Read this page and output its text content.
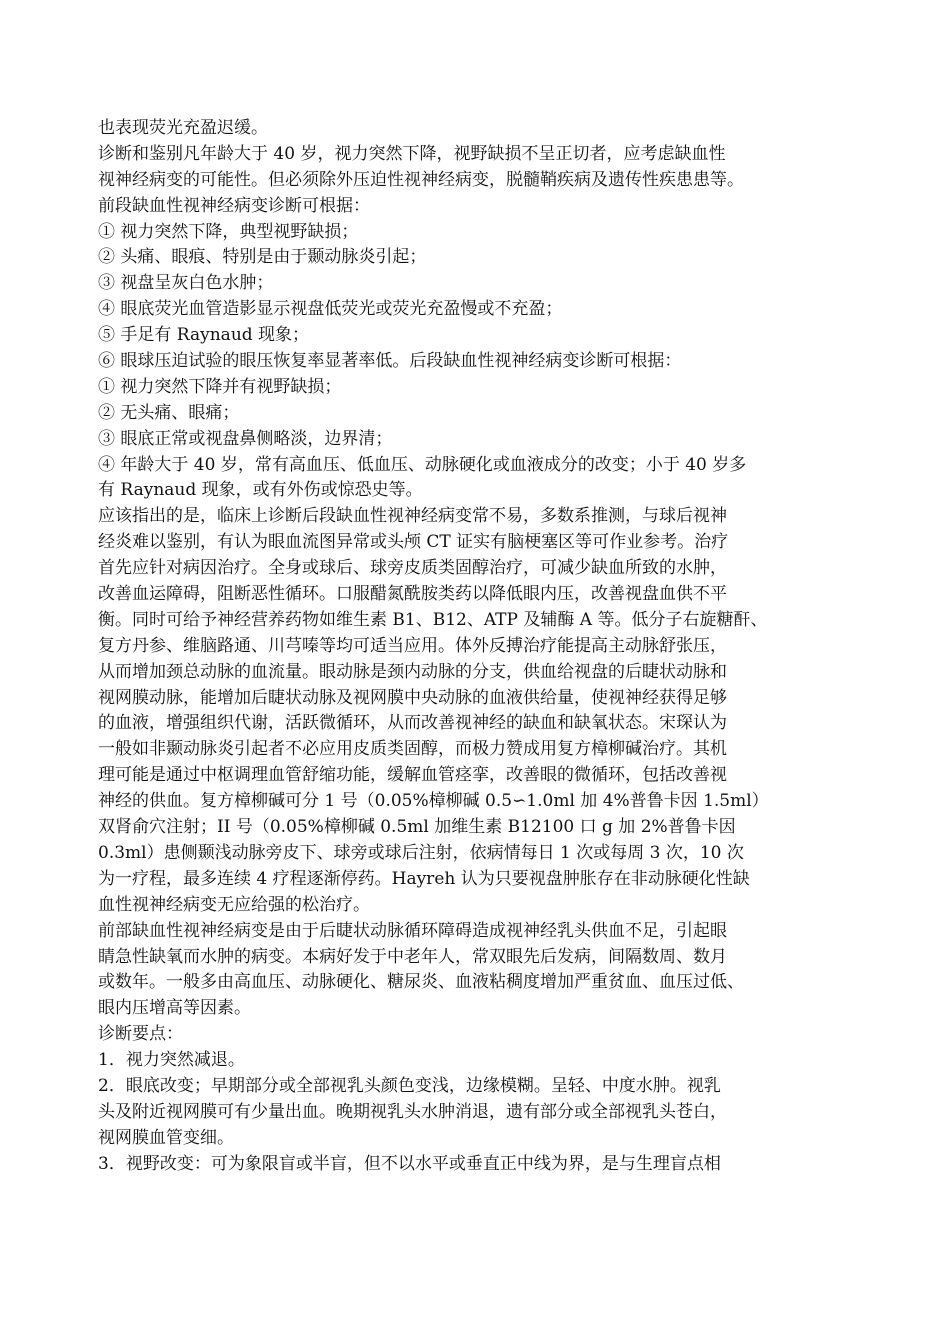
也表现荧光充盈迟缓。
诊断和鉴别凡年龄大于 40 岁，视力突然下降，视野缺损不呈正切者，应考虑缺血性
视神经病变的可能性。但必须除外压迫性视神经病变，脱髓鞘疾病及遗传性疾患患等。
前段缺血性视神经病变诊断可根据：
① 视力突然下降，典型视野缺损；
② 头痛、眼痕、特别是由于颞动脉炎引起；
③ 视盘呈灰白色水肿；
④ 眼底荧光血管造影显示视盘低荧光或荧光充盈慢或不充盈；
⑤ 手足有 Raynaud 现象；
⑥ 眼球压迫试验的眼压恢复率显著率低。后段缺血性视神经病变诊断可根据：
① 视力突然下降并有视野缺损；
② 无头痛、眼痛；
③ 眼底正常或视盘鼻侧略淡，边界清；
④ 年龄大于 40 岁，常有高血压、低血压、动脉硬化或血液成分的改变；小于 40 岁多
有 Raynaud 现象，或有外伤或惊恐史等。
应该指出的是，临床上诊断后段缺血性视神经病变常不易，多数系推测，与球后视神
经炎难以鉴别，有认为眼血流图异常或头颅 CT 证实有脑梗塞区等可作业参考。治疗
首先应针对病因治疗。全身或球后、球旁皮质类固醇治疗，可减少缺血所致的水肿，
改善血运障碍，阻断恶性循环。口服醋氮酰胺类药以降低眼内压，改善视盘血供不平
衡。同时可给予神经营养药物如维生素 B1、B12、ATP 及辅酶 A 等。低分子右旋糖酐、
复方丹参、维脑路通、川芎嗪等均可适当应用。体外反搏治疗能提高主动脉舒张压，
从而增加颈总动脉的血流量。眼动脉是颈内动脉的分支，供血给视盘的后睫状动脉和
视网膜动脉，能增加后睫状动脉及视网膜中央动脉的血液供给量，使视神经获得足够
的血液，增强组织代谢，活跃微循环，从而改善视神经的缺血和缺氧状态。宋琛认为
一般如非颞动脉炎引起者不必应用皮质类固醇，而极力赞成用复方樟柳碱治疗。其机
理可能是通过中枢调理血管舒缩功能，缓解血管痉挛，改善眼的微循环，包括改善视
神经的供血。复方樟柳碱可分 1 号（0.05%樟柳碱 0.5∽1.0ml 加 4%普鲁卡因 1.5ml）
双肾俞穴注射；II 号（0.05%樟柳碱 0.5ml 加维生素 B12100 口 g 加 2%普鲁卡因
0.3ml）患侧颞浅动脉旁皮下、球旁或球后注射，依病情每日 1 次或每周 3 次，10 次
为一疗程，最多连续 4 疗程逐渐停药。Hayreh 认为只要视盘肿胀存在非动脉硬化性缺
血性视神经病变无应给强的松治疗。
前部缺血性视神经病变是由于后睫状动脉循环障碍造成视神经乳头供血不足，引起眼
睛急性缺氧而水肿的病变。本病好发于中老年人，常双眼先后发病，间隔数周、数月
或数年。一般多由高血压、动脉硬化、糖尿炎、血液粘稠度增加严重贫血、血压过低、
眼内压增高等因素。
诊断要点：
1．视力突然减退。
2．眼底改变；早期部分或全部视乳头颜色变浅，边缘模糊。呈轻、中度水肿。视乳
头及附近视网膜可有少量出血。晚期视乳头水肿消退，遗有部分或全部视乳头苍白，
视网膜血管变细。
3．视野改变：可为象限盲或半盲，但不以水平或垂直正中线为界，是与生理盲点相
